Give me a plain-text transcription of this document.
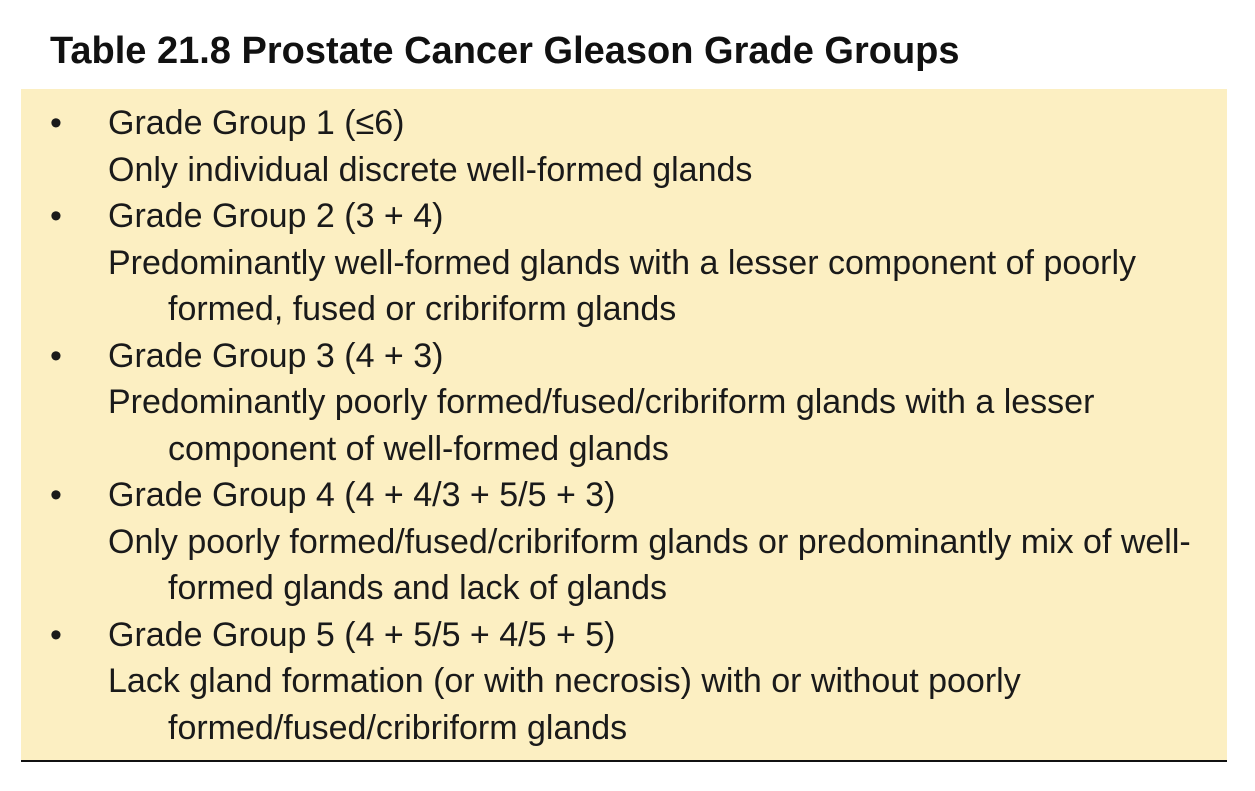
Table 21.8 Prostate Cancer Gleason Grade Groups
•	Grade Group 1 (≤6)
Only individual discrete well-formed glands
•	Grade Group 2 (3 + 4)
Predominantly well-formed glands with a lesser component of poorly formed, fused or cribriform glands
•	Grade Group 3 (4 + 3)
Predominantly poorly formed/fused/cribriform glands with a lesser component of well-formed glands
•	Grade Group 4 (4 + 4/3 + 5/5 + 3)
Only poorly formed/fused/cribriform glands or predominantly mix of well-formed glands and lack of glands
•	Grade Group 5 (4 + 5/5 + 4/5 + 5)
Lack gland formation (or with necrosis) with or without poorly formed/fused/cribriform glands
